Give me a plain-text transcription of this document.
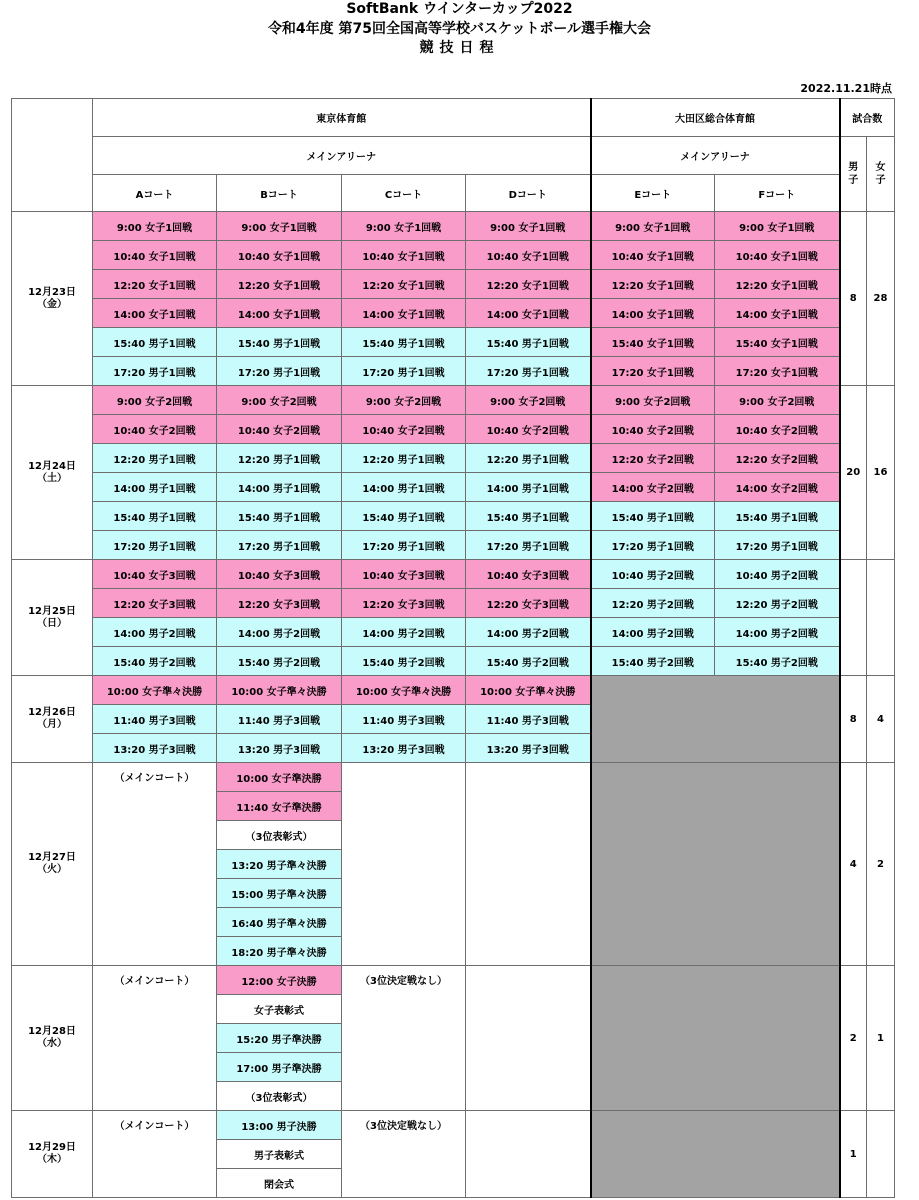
SoftBank ウインターカップ2022
令和4年度 第75回全国高等学校バスケットボール選手権大会
競技日程
2022.11.21時点
	東京体育館				大田区総合体育館		試合数	
	メインアリーナ				メインアリーナ		男子	女子
	Aコート	Bコート	Cコート	Dコート	Eコート	Fコート		

12月23日
（金）	9:00 女子1回戦	9:00 女子1回戦	9:00 女子1回戦	9:00 女子1回戦	9:00 女子1回戦	9:00 女子1回戦	8	28
	10:40 女子1回戦	10:40 女子1回戦	10:40 女子1回戦	10:40 女子1回戦	10:40 女子1回戦	10:40 女子1回戦		
	12:20 女子1回戦	12:20 女子1回戦	12:20 女子1回戦	12:20 女子1回戦	12:20 女子1回戦	12:20 女子1回戦		
	14:00 女子1回戦	14:00 女子1回戦	14:00 女子1回戦	14:00 女子1回戦	14:00 女子1回戦	14:00 女子1回戦		
	15:40 男子1回戦	15:40 男子1回戦	15:40 男子1回戦	15:40 男子1回戦	15:40 女子1回戦	15:40 女子1回戦		
	17:20 男子1回戦	17:20 男子1回戦	17:20 男子1回戦	17:20 男子1回戦	17:20 女子1回戦	17:20 女子1回戦		

12月24日
（土）	9:00 女子2回戦	9:00 女子2回戦	9:00 女子2回戦	9:00 女子2回戦	9:00 女子2回戦	9:00 女子2回戦	20	16
	10:40 女子2回戦	10:40 女子2回戦	10:40 女子2回戦	10:40 女子2回戦	10:40 女子2回戦	10:40 女子2回戦		
	12:20 男子1回戦	12:20 男子1回戦	12:20 男子1回戦	12:20 男子1回戦	12:20 女子2回戦	12:20 女子2回戦		
	14:00 男子1回戦	14:00 男子1回戦	14:00 男子1回戦	14:00 男子1回戦	14:00 女子2回戦	14:00 女子2回戦		
	15:40 男子1回戦	15:40 男子1回戦	15:40 男子1回戦	15:40 男子1回戦	15:40 男子1回戦	15:40 男子1回戦		
	17:20 男子1回戦	17:20 男子1回戦	17:20 男子1回戦	17:20 男子1回戦	17:20 男子1回戦	17:20 男子1回戦		

12月25日
（日）	10:40 女子3回戦	10:40 女子3回戦	10:40 女子3回戦	10:40 女子3回戦	10:40 男子2回戦	10:40 男子2回戦		
	12:20 女子3回戦	12:20 女子3回戦	12:20 女子3回戦	12:20 女子3回戦	12:20 男子2回戦	12:20 男子2回戦		
	14:00 男子2回戦	14:00 男子2回戦	14:00 男子2回戦	14:00 男子2回戦	14:00 男子2回戦	14:00 男子2回戦		
	15:40 男子2回戦	15:40 男子2回戦	15:40 男子2回戦	15:40 男子2回戦	15:40 男子2回戦	15:40 男子2回戦		

12月26日
（月）	10:00 女子準々決勝	10:00 女子準々決勝	10:00 女子準々決勝	10:00 女子準々決勝			8	4
	11:40 男子3回戦	11:40 男子3回戦	11:40 男子3回戦	11:40 男子3回戦				
	13:20 男子3回戦	13:20 男子3回戦	13:20 男子3回戦	13:20 男子3回戦				

12月27日
（火）	（メインコート）	10:00 女子準決勝					4	2
		11:40 女子準決勝						
		（3位表彰式）						
		13:20 男子準々決勝						
		15:00 男子準々決勝						
		16:40 男子準々決勝						
		18:20 男子準々決勝						

12月28日
（水）	（メインコート）	12:00 女子決勝	（3位決定戦なし）				2	1
		女子表彰式						
		15:20 男子準決勝						
		17:00 男子準決勝						
		（3位表彰式）						

12月29日
（木）	（メインコート）	13:00 男子決勝	（3位決定戦なし）				1	
		男子表彰式						
		閉会式						
